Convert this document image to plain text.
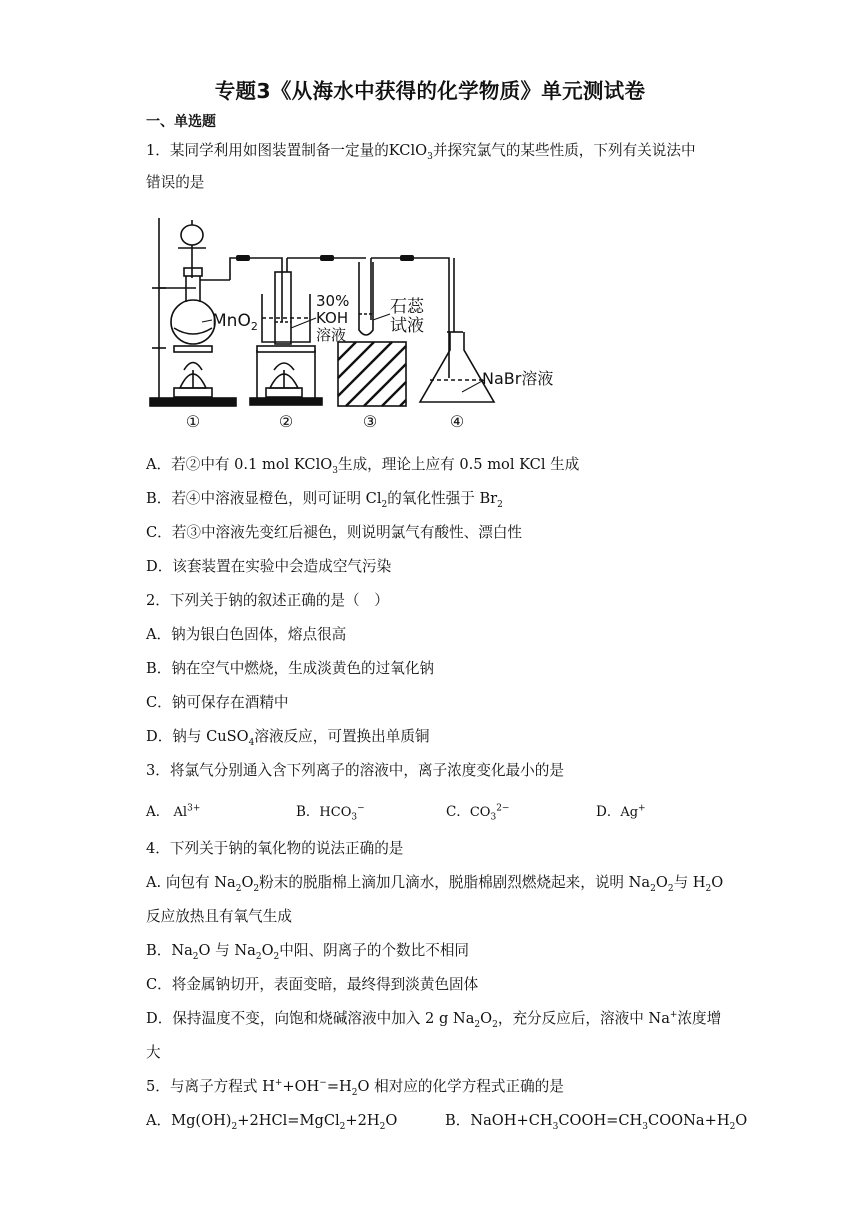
专题3《从海水中获得的化学物质》单元测试卷
一、单选题
1．某同学利用如图装置制备一定量的KClO$_3$并探究氯气的某些性质，下列有关说法中
错误的是
MnO$_2$
30%
KOH
溶液
石蕊
试液
NaBr溶液
①	②	③	④
A．若②中有 0.1 mol KClO$_3$生成，理论上应有 0.5 mol KCl 生成
B．若④中溶液显橙色，则可证明 $Cl_2$的氧化性强于 $Br_2$
C．若③中溶液先变红后褪色，则说明氯气有酸性、漂白性
D．该套装置在实验中会造成空气污染
2．下列关于钠的叙述正确的是（　）
A．钠为银白色固体，熔点很高
B．钠在空气中燃烧，生成淡黄色的过氧化钠
C．钠可保存在酒精中
D．钠与 CuSO$_4$溶液反应，可置换出单质铜
3．将氯气分别通入含下列离子的溶液中，离子浓度变化最小的是
A． $Al^{3+}$	B．$HCO_3^-$	C．$CO_3^{2-}$	D．Ag+
4．下列关于钠的氧化物的说法正确的是
A. 向包有 $Na_2O_2$粉末的脱脂棉上滴加几滴水，脱脂棉剧烈燃烧起来，说明 $Na_2O_2$与 $H_2O$
反应放热且有氧气生成
B．$Na_2O$ 与 $Na_2O_2$中阳、阴离子的个数比不相同
C．将金属钠切开，表面变暗，最终得到淡黄色固体
D．保持温度不变，向饱和烧碱溶液中加入 2 g $Na_2O_2$，充分反应后，溶液中 Na+浓度增
大
5．与离子方程式 $H^++OH^-=H_2O$ 相对应的化学方程式正确的是
A．$Mg(OH)_2+2HCl=MgCl_2+2H_2O$	B．$NaOH+CH_3COOH=CH_3COONa+H_2O$
